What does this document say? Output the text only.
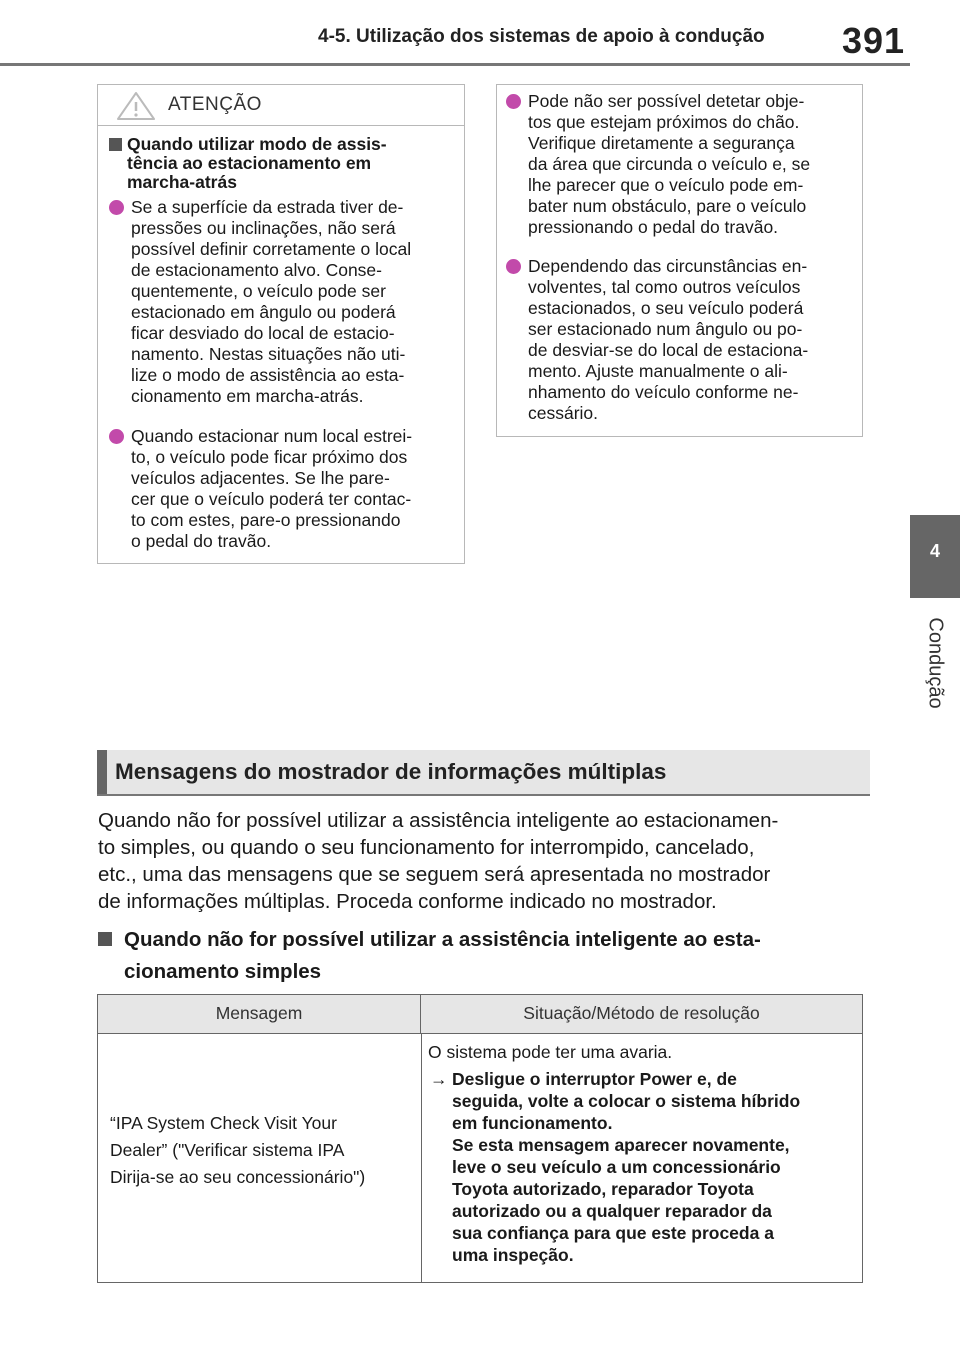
4-5. Utilização dos sistemas de apoio à condução 391
4
Condução
ATENÇÃO
Quando utilizar modo de assis-
tência ao estacionamento em
marcha-atrás
Se a superfície da estrada tiver de-
pressões ou inclinações, não será
possível definir corretamente o local
de estacionamento alvo. Conse-
quentemente, o veículo pode ser
estacionado em ângulo ou poderá
ficar desviado do local de estacio-
namento. Nestas situações não uti-
lize o modo de assistência ao esta-
cionamento em marcha-atrás.
Quando estacionar num local estrei-
to, o veículo pode ficar próximo dos
veículos adjacentes. Se lhe pare-
cer que o veículo poderá ter contac-
to com estes, pare-o pressionando
o pedal do travão.
Pode não ser possível detetar obje-
tos que estejam próximos do chão.
Verifique diretamente a segurança
da área que circunda o veículo e, se
lhe parecer que o veículo pode em-
bater num obstáculo, pare o veículo
pressionando o pedal do travão.
Dependendo das circunstâncias en-
volventes, tal como outros veículos
estacionados, o seu veículo poderá
ser estacionado num ângulo ou po-
de desviar-se do local de estaciona-
mento. Ajuste manualmente o ali-
nhamento do veículo conforme ne-
cessário.
Mensagens do mostrador de informações múltiplas
Quando não for possível utilizar a assistência inteligente ao estacionamen-
to simples, ou quando o seu funcionamento for interrompido, cancelado,
etc., uma das mensagens que se seguem será apresentada no mostrador
de informações múltiplas. Proceda conforme indicado no mostrador.
Quando não for possível utilizar a assistência inteligente ao esta-
cionamento simples
Mensagem	Situação/Método de resolução
“IPA System Check Visit Your
Dealer” ("Verificar sistema IPA
Dirija-se ao seu concessionário")
O sistema pode ter uma avaria.
→ Desligue o interruptor Power e, de
seguida, volte a colocar o sistema híbrido
em funcionamento.
Se esta mensagem aparecer novamente,
leve o seu veículo a um concessionário
Toyota autorizado, reparador Toyota
autorizado ou a qualquer reparador da
sua confiança para que este proceda a
uma inspeção.
